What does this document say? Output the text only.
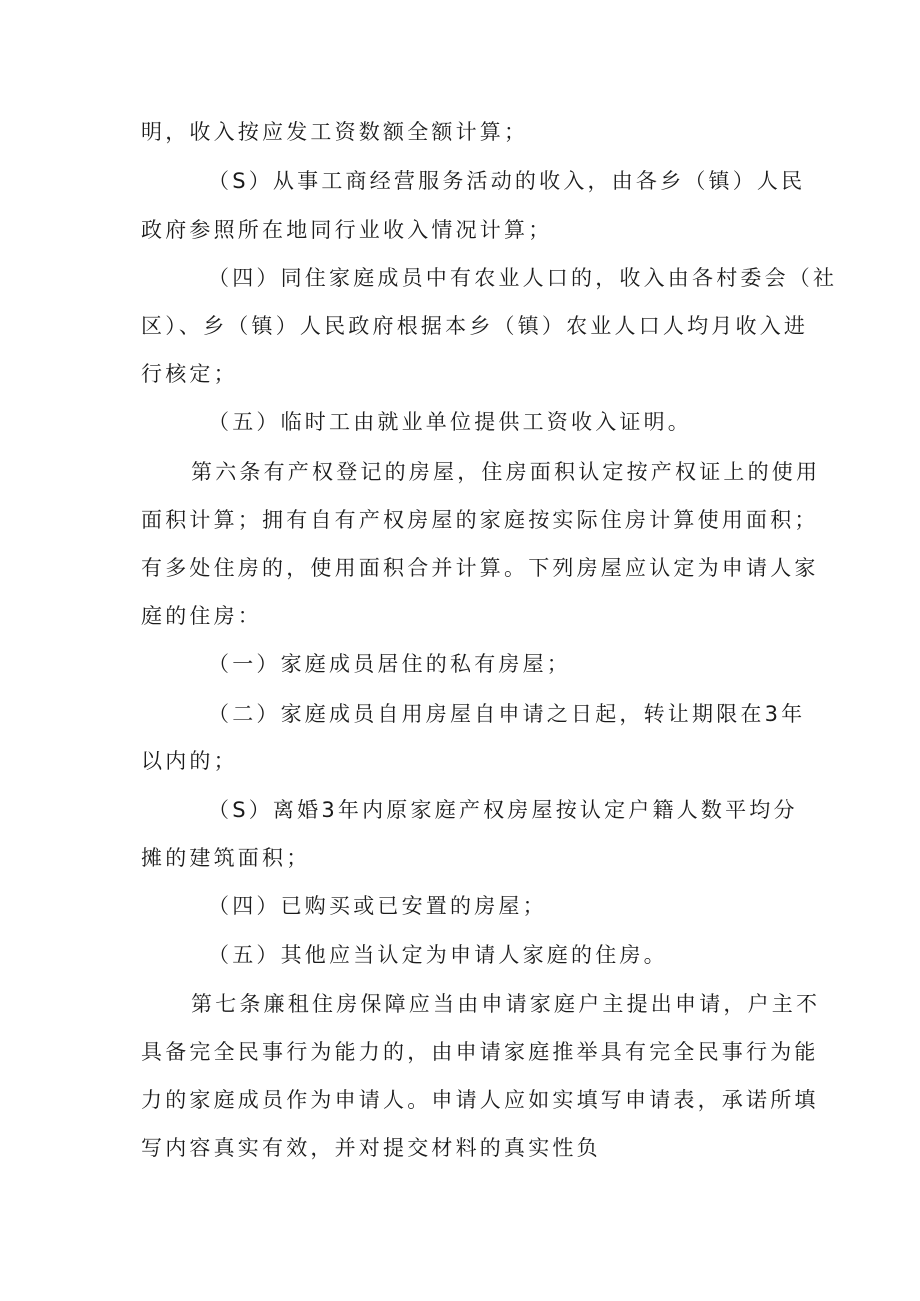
明，收入按应发工资数额全额计算；
（S）从事工商经营服务活动的收入，由各乡（镇）人民
政府参照所在地同行业收入情况计算；
（四）同住家庭成员中有农业人口的，收入由各村委会（社
区）、乡（镇）人民政府根据本乡（镇）农业人口人均月收入进
行核定；
（五）临时工由就业单位提供工资收入证明。
第六条有产权登记的房屋，住房面积认定按产权证上的使用
面积计算；拥有自有产权房屋的家庭按实际住房计算使用面积；
有多处住房的，使用面积合并计算。下列房屋应认定为申请人家
庭的住房：
（一）家庭成员居住的私有房屋；
（二）家庭成员自用房屋自申请之日起，转让期限在3年
以内的；
（S）离婚3年内原家庭产权房屋按认定户籍人数平均分
摊的建筑面积；
（四）已购买或已安置的房屋；
（五）其他应当认定为申请人家庭的住房。
第七条廉租住房保障应当由申请家庭户主提出申请，户主不
具备完全民事行为能力的，由申请家庭推举具有完全民事行为能
力的家庭成员作为申请人。申请人应如实填写申请表，承诺所填
写内容真实有效，并对提交材料的真实性负
